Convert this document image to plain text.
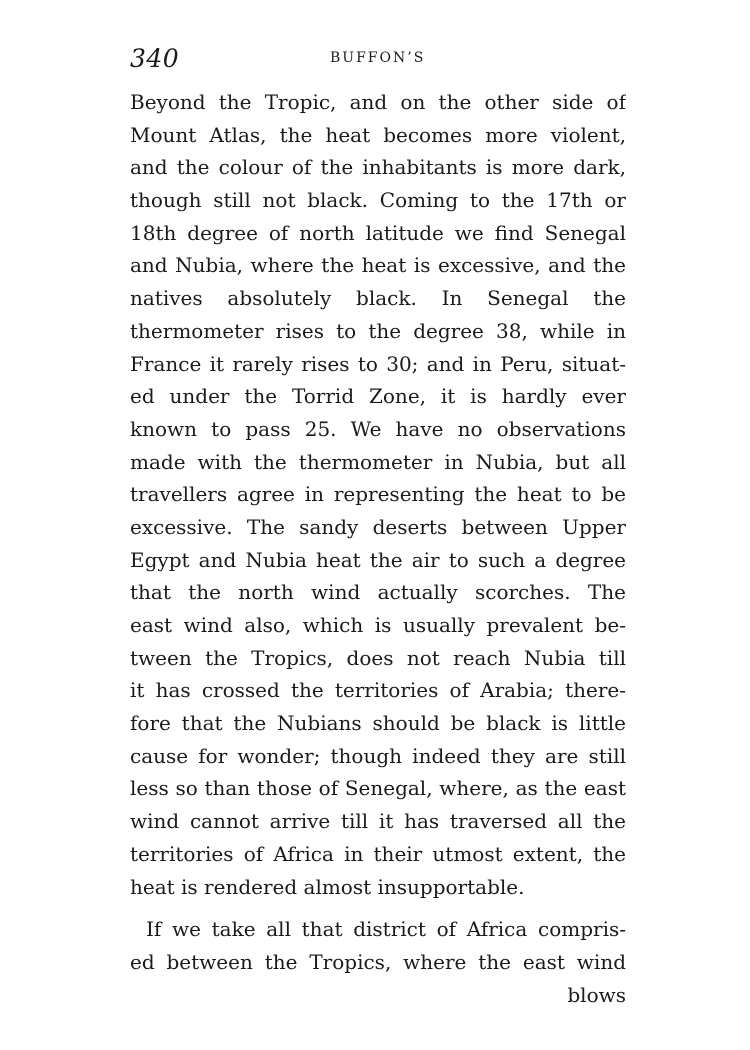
340	BUFFON’S
Beyond the Tropic, and on the other side of
Mount Atlas, the heat becomes more violent,
and the colour of the inhabitants is more dark,
though still not black. Coming to the 17th or
18th degree of north latitude we find Senegal
and Nubia, where the heat is excessive, and the
natives absolutely black. In Senegal the
thermometer rises to the degree 38, while in
France it rarely rises to 30; and in Peru, situat-
ed under the Torrid Zone, it is hardly ever
known to pass 25. We have no observations
made with the thermometer in Nubia, but all
travellers agree in representing the heat to be
excessive. The sandy deserts between Upper
Egypt and Nubia heat the air to such a degree
that the north wind actually scorches. The
east wind also, which is usually prevalent be-
tween the Tropics, does not reach Nubia till
it has crossed the territories of Arabia; there-
fore that the Nubians should be black is little
cause for wonder; though indeed they are still
less so than those of Senegal, where, as the east
wind cannot arrive till it has traversed all the
territories of Africa in their utmost extent, the
heat is rendered almost insupportable.
If we take all that district of Africa compris-
ed between the Tropics, where the east wind
blows
